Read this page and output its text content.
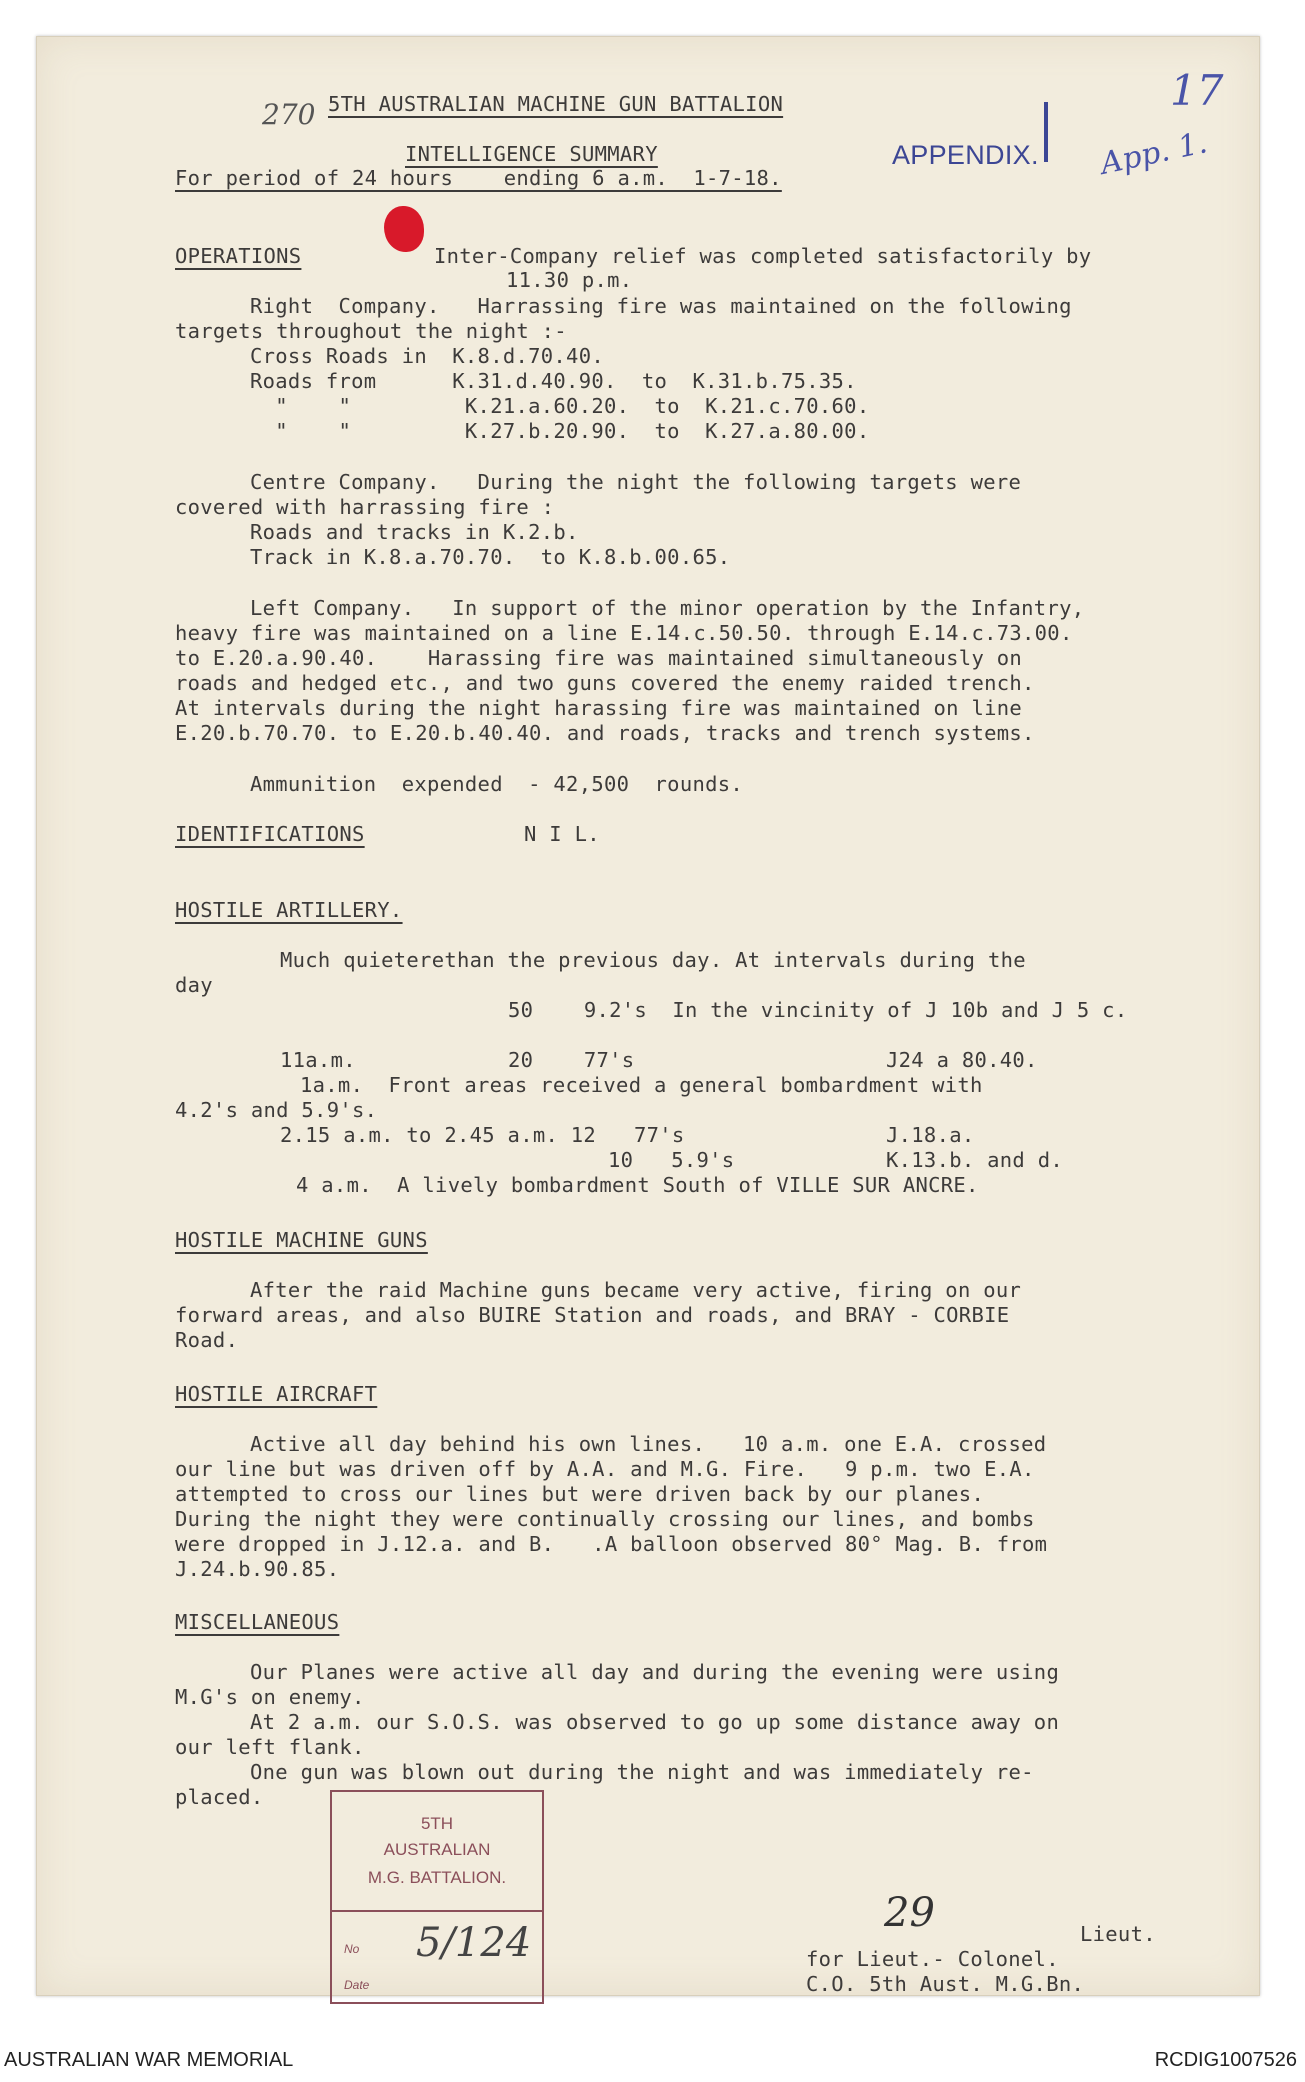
270	17
App. 1.
APPENDIX.
5TH AUSTRALIAN MACHINE GUN BATTALION
INTELLIGENCE SUMMARY
For period of 24 hours    ending 6 a.m.  1-7-18.
OPERATIONS	Inter-Company relief was completed satisfactorily by
11.30 p.m.
Right  Company.   Harrassing fire was maintained on the following
targets throughout the night :-
Cross Roads in  K.8.d.70.40.
Roads from      K.31.d.40.90.  to  K.31.b.75.35.
"    "         K.21.a.60.20.  to  K.21.c.70.60.
"    "         K.27.b.20.90.  to  K.27.a.80.00.
Centre Company.   During the night the following targets were
covered with harrassing fire :
Roads and tracks in K.2.b.
Track in K.8.a.70.70.  to K.8.b.00.65.
Left Company.   In support of the minor operation by the Infantry,
heavy fire was maintained on a line E.14.c.50.50. through E.14.c.73.00.
to E.20.a.90.40.    Harassing fire was maintained simultaneously on
roads and hedged etc., and two guns covered the enemy raided trench.
At intervals during the night harassing fire was maintained on line
E.20.b.70.70. to E.20.b.40.40. and roads, tracks and trench systems.
Ammunition  expended  - 42,500  rounds.
IDENTIFICATIONS	N I L.
HOSTILE ARTILLERY.
Much quieterethan the previous day. At intervals during the
day
50    9.2's  In the vincinity of J 10b and J 5 c.
11a.m.	20    77's	J24 a 80.40.
1a.m.  Front areas received a general bombardment with
4.2's and 5.9's.
2.15 a.m. to 2.45 a.m. 12   77's	J.18.a.
10   5.9's	K.13.b. and d.
4 a.m.  A lively bombardment South of VILLE SUR ANCRE.
HOSTILE MACHINE GUNS
After the raid Machine guns became very active, firing on our
forward areas, and also BUIRE Station and roads, and BRAY - CORBIE
Road.
HOSTILE AIRCRAFT
Active all day behind his own lines.   10 a.m. one E.A. crossed
our line but was driven off by A.A. and M.G. Fire.   9 p.m. two E.A.
attempted to cross our lines but were driven back by our planes.
During the night they were continually crossing our lines, and bombs
were dropped in J.12.a. and B.   .A balloon observed 80° Mag. B. from
J.24.b.90.85.
MISCELLANEOUS
Our Planes were active all day and during the evening were using
M.G's on enemy.
At 2 a.m. our S.O.S. was observed to go up some distance away on
our left flank.
One gun was blown out during the night and was immediately re-
placed.
5TH
AUSTRALIAN
M.G. BATTALION.
No 5/124
Date
29	Lieut.
for Lieut.- Colonel.
C.O. 5th Aust. M.G.Bn.
AUSTRALIAN WAR MEMORIAL	RCDIG1007526
